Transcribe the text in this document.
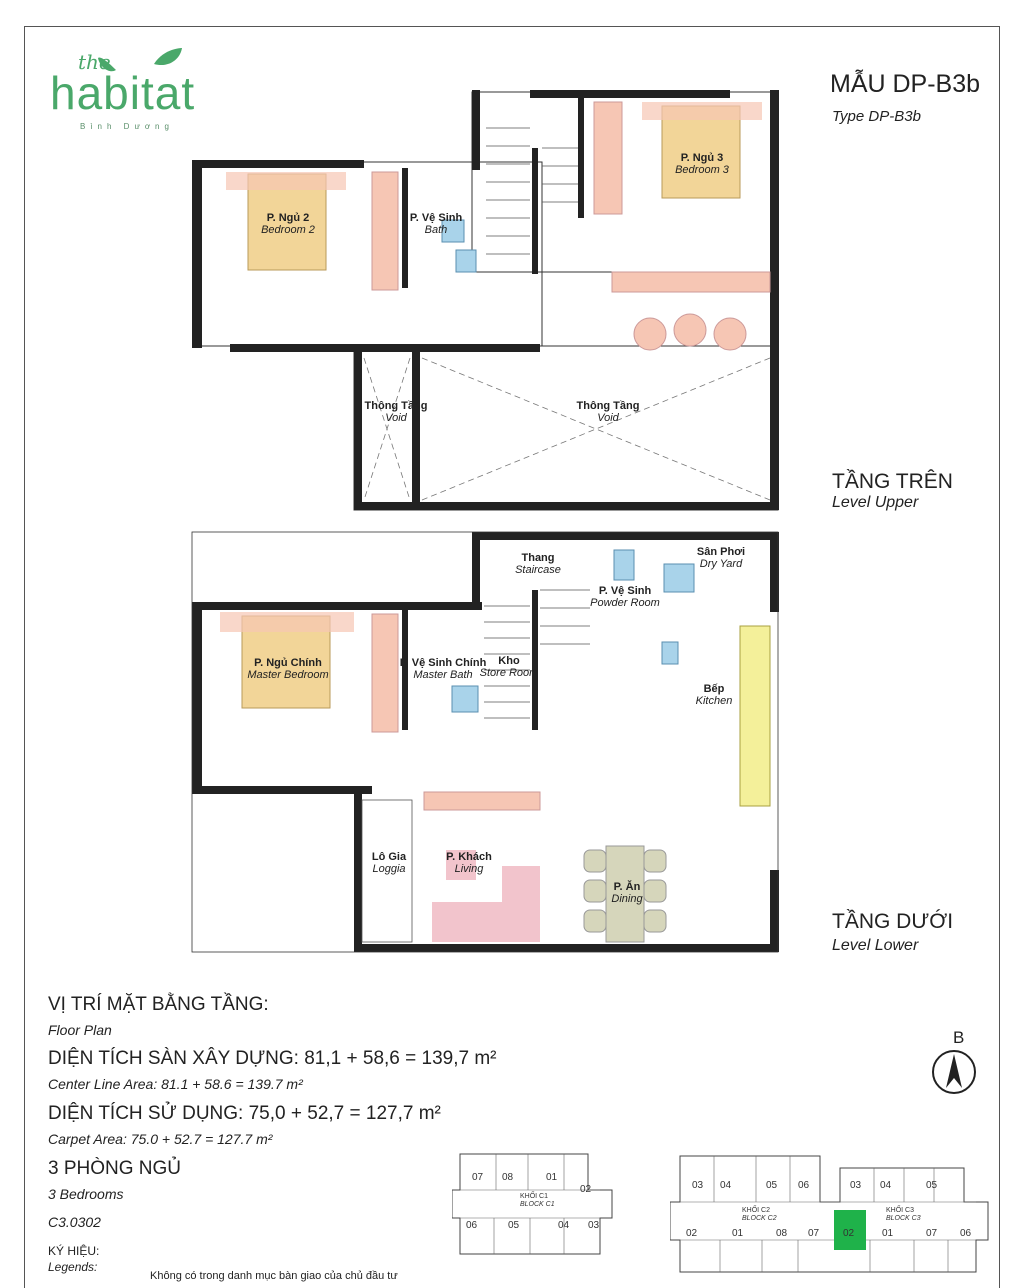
the
habitat
Bình Dương
MẪU DP-B3b
Type DP-B3b
TẦNG TRÊN
Level Upper
TẦNG DƯỚI
Level Lower
P. Ngủ 2
Bedroom 2
P. Vệ Sinh
Bath
P. Ngủ 3
Bedroom 3
Thông Tầng
Void
Thông Tầng
Void
Thang
Staircase
P. Vệ Sinh
Powder Room
Sân Phơi
Dry Yard
P. Ngủ Chính
Master Bedroom
P. Vệ Sinh Chính
Master Bath
Kho
Store Room
Bếp
Kitchen
Lô Gia
Loggia
P. Khách
Living
P. Ăn
Dining
VỊ TRÍ MẶT BẰNG TẦNG:
Floor Plan
DIỆN TÍCH SÀN XÂY DỰNG: 81,1 + 58,6 = 139,7 m²
Center Line Area: 81.1 + 58.6 = 139.7 m²
DIỆN TÍCH SỬ DỤNG: 75,0 + 52,7 = 127,7 m²
Carpet Area: 75.0 + 52.7 = 127.7 m²
3 PHÒNG NGỦ
3 Bedrooms
C3.0302
KÝ HIỆU:
Legends:
Không có trong danh mục bàn giao của chủ đầu tư
B
KHỐI C1
BLOCK C1
07 08	01
02
06	05	04 03
KHỐI C2
BLOCK C2
KHỐI C3
BLOCK C3
03 04	05 06
02	01	08 07
03 04	05
02	01	07 06
